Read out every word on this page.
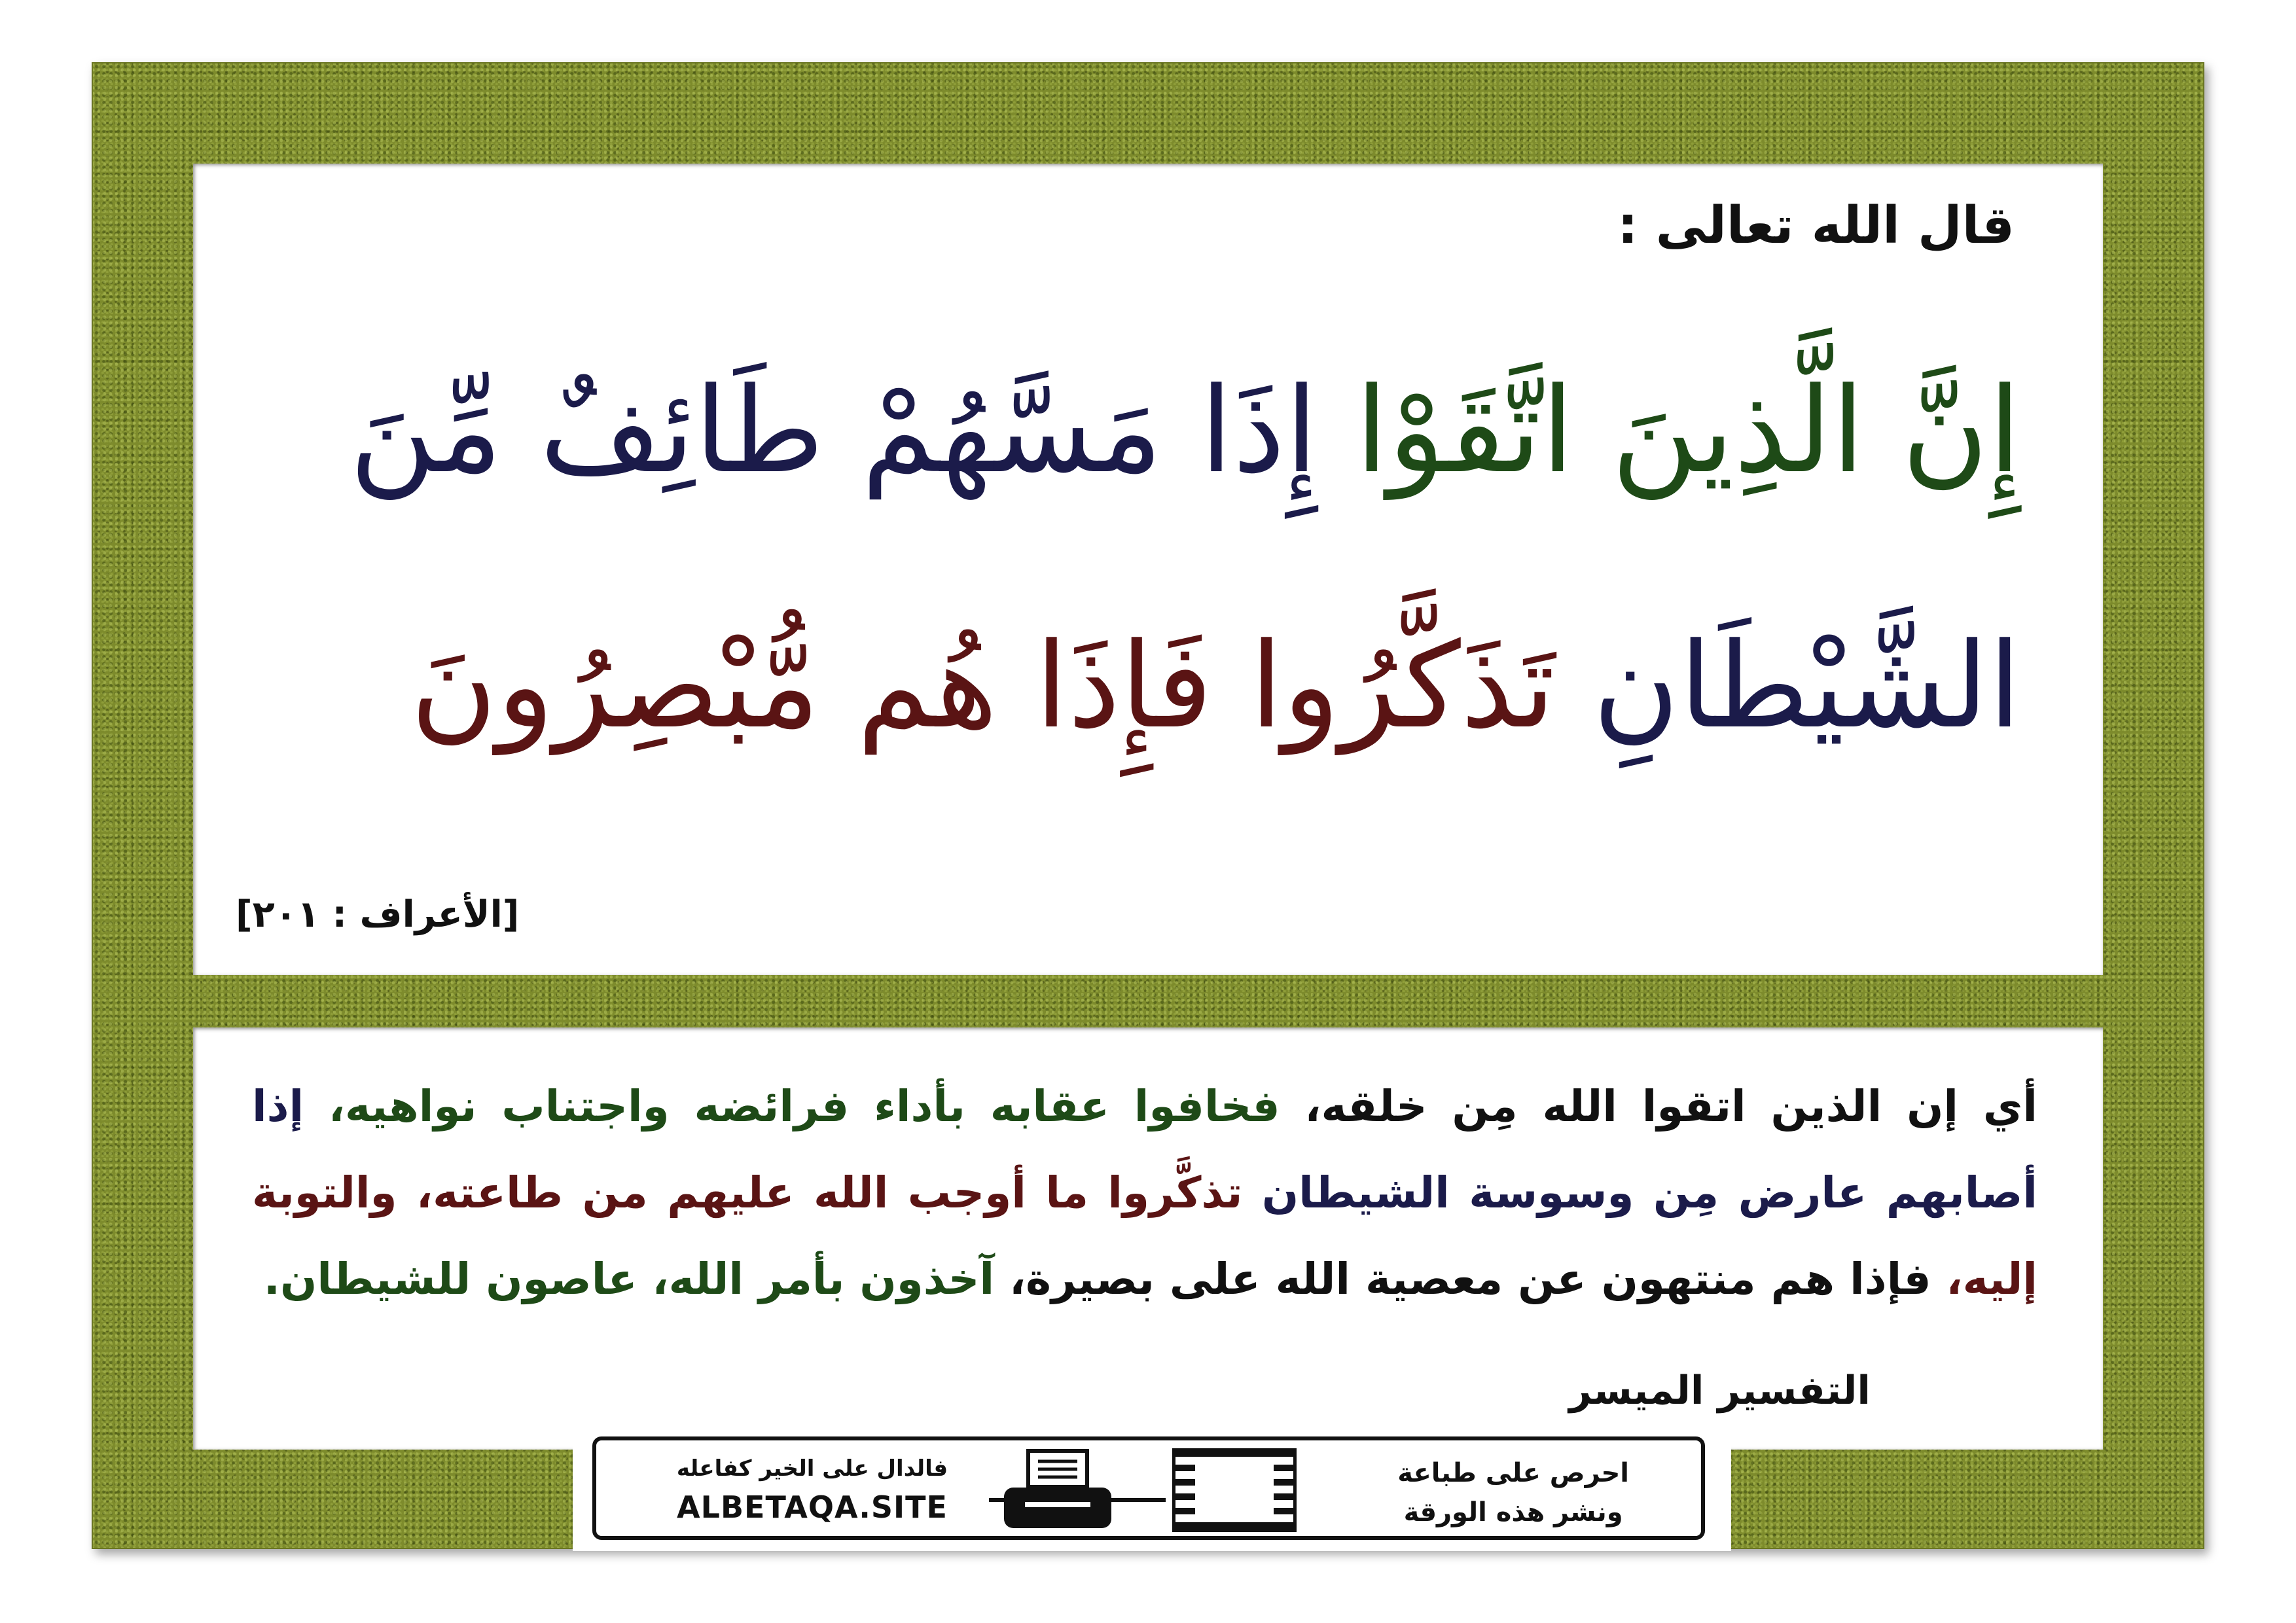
قال الله تعالى :
إِنَّ الَّذِينَ اتَّقَوْا إِذَا مَسَّهُمْ طَائِفٌ مِّنَ
الشَّيْطَانِ تَذَكَّرُوا فَإِذَا هُم مُّبْصِرُونَ
[الأعراف : ٢٠١]
أي إن الذين اتقوا الله مِن خلقه، فخافوا عقابه بأداء فرائضه واجتناب نواهيه، إذا أصابهم عارض مِن وسوسة الشيطان تذكَّروا ما أوجب الله عليهم من طاعته، والتوبة إليه، فإذا هم منتهون عن معصية الله على بصيرة، آخذون بأمر الله، عاصون للشيطان.
التفسير الميسر
احرص على طباعة
ونشر هذه الورقة
فالدال على الخير كفاعله
ALBETAQA.SITE
